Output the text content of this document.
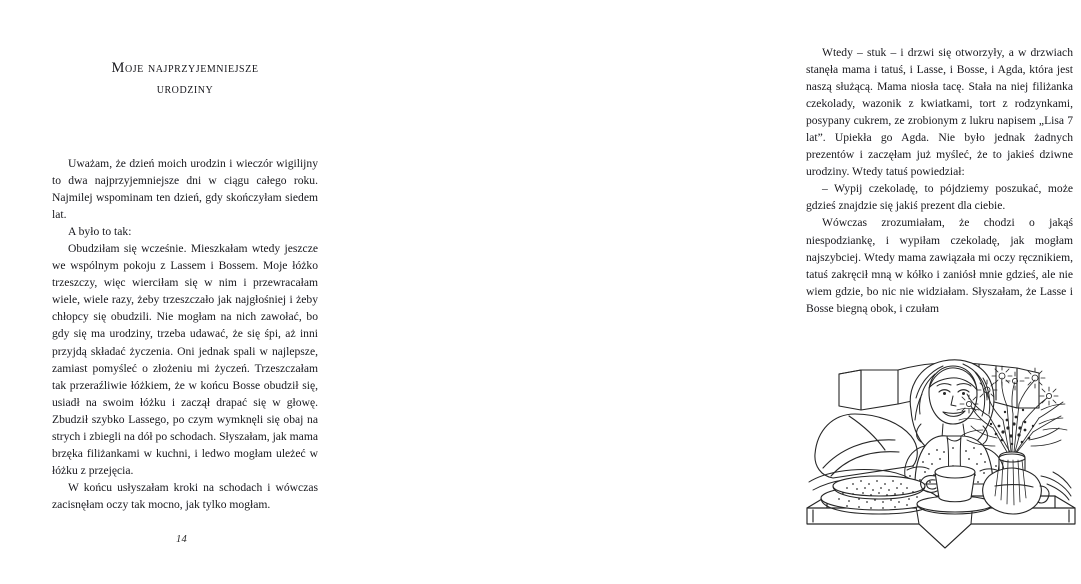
Moje najprzyjemniejsze
urodziny

Uważam, że dzień moich urodzin i wieczór wigilijny to dwa najprzyjemniejsze dni w ciągu całego roku. Najmilej wspominam ten dzień, gdy skończyłam siedem lat.

A było to tak:

Obudziłam się wcześnie. Mieszkałam wtedy jeszcze we wspólnym pokoju z Lassem i Bossem. Moje łóżko trzeszczy, więc wierciłam się w nim i przewracałam wiele, wiele razy, żeby trzeszczało jak najgłośniej i żeby chłopcy się obudzili. Nie mogłam na nich zawołać, bo gdy się ma urodziny, trzeba udawać, że się śpi, aż inni przyjdą składać życzenia. Oni jednak spali w najlepsze, zamiast pomyśleć o złożeniu mi życzeń. Trzeszczałam tak przeraźliwie łóżkiem, że w końcu Bosse obudził się, usiadł na swoim łóżku i zaczął drapać się w głowę. Zbudził szybko Lassego, po czym wymknęli się obaj na strych i zbiegli na dół po schodach. Słyszałam, jak mama brzęka filiżankami w kuchni, i ledwo mogłam uleżeć w łóżku z przejęcia.

W końcu usłyszałam kroki na schodach i wówczas zacisnęłam oczy tak mocno, jak tylko mogłam.

14

Wtedy – stuk – i drzwi się otworzyły, a w drzwiach stanęła mama i tatuś, i Lasse, i Bosse, i Agda, która jest naszą służącą. Mama niosła tacę. Stała na niej filiżanka czekolady, wazonik z kwiatkami, tort z rodzynkami, posypany cukrem, ze zrobionym z lukru napisem „Lisa 7 lat”. Upiekła go Agda. Nie było jednak żadnych prezentów i zaczęłam już myśleć, że to jakieś dziwne urodziny. Wtedy tatuś powiedział:

– Wypij czekoladę, to pójdziemy poszukać, może gdzieś znajdzie się jakiś prezent dla ciebie.

Wówczas zrozumiałam, że chodzi o jakąś niespodziankę, i wypiłam czekoladę, jak mogłam najszybciej. Wtedy mama zawiązała mi oczy ręcznikiem, tatuś zakręcił mną w kółko i zaniósł mnie gdzieś, ale nie wiem gdzie, bo nic nie widziałam. Słyszałam, że Lasse i Bosse biegną obok, i czułam
